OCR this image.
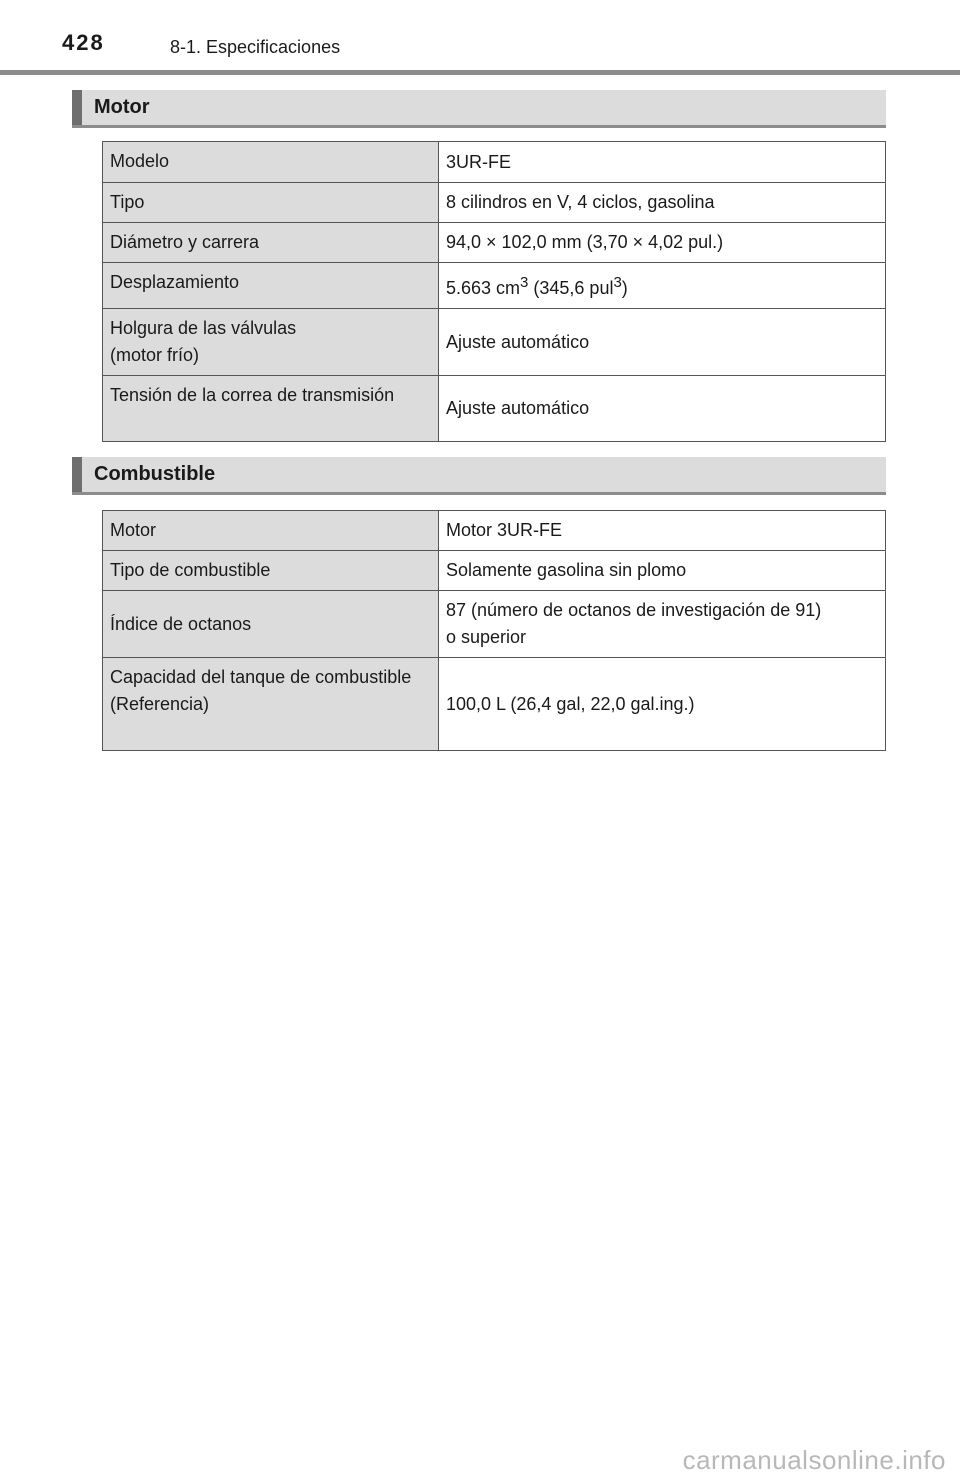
428	8-1. Especificaciones
Motor
Modelo	3UR-FE
Tipo	8 cilindros en V, 4 ciclos, gasolina
Diámetro y carrera	94,0 × 102,0 mm (3,70 × 4,02 pul.)
Desplazamiento	5.663 $cm^3$ (345,6 pul$^3$)
Holgura de las válvulas
(motor frío)	Ajuste automático
Tensión de la correa de transmisión	Ajuste automático
Combustible
Motor	Motor 3UR-FE
Tipo de combustible	Solamente gasolina sin plomo
Índice de octanos	87 (número de octanos de investigación de 91)
o superior
Capacidad del tanque de combustible
(Referencia)	100,0 L (26,4 gal, 22,0 gal.ing.)
carmanualsonline.info
